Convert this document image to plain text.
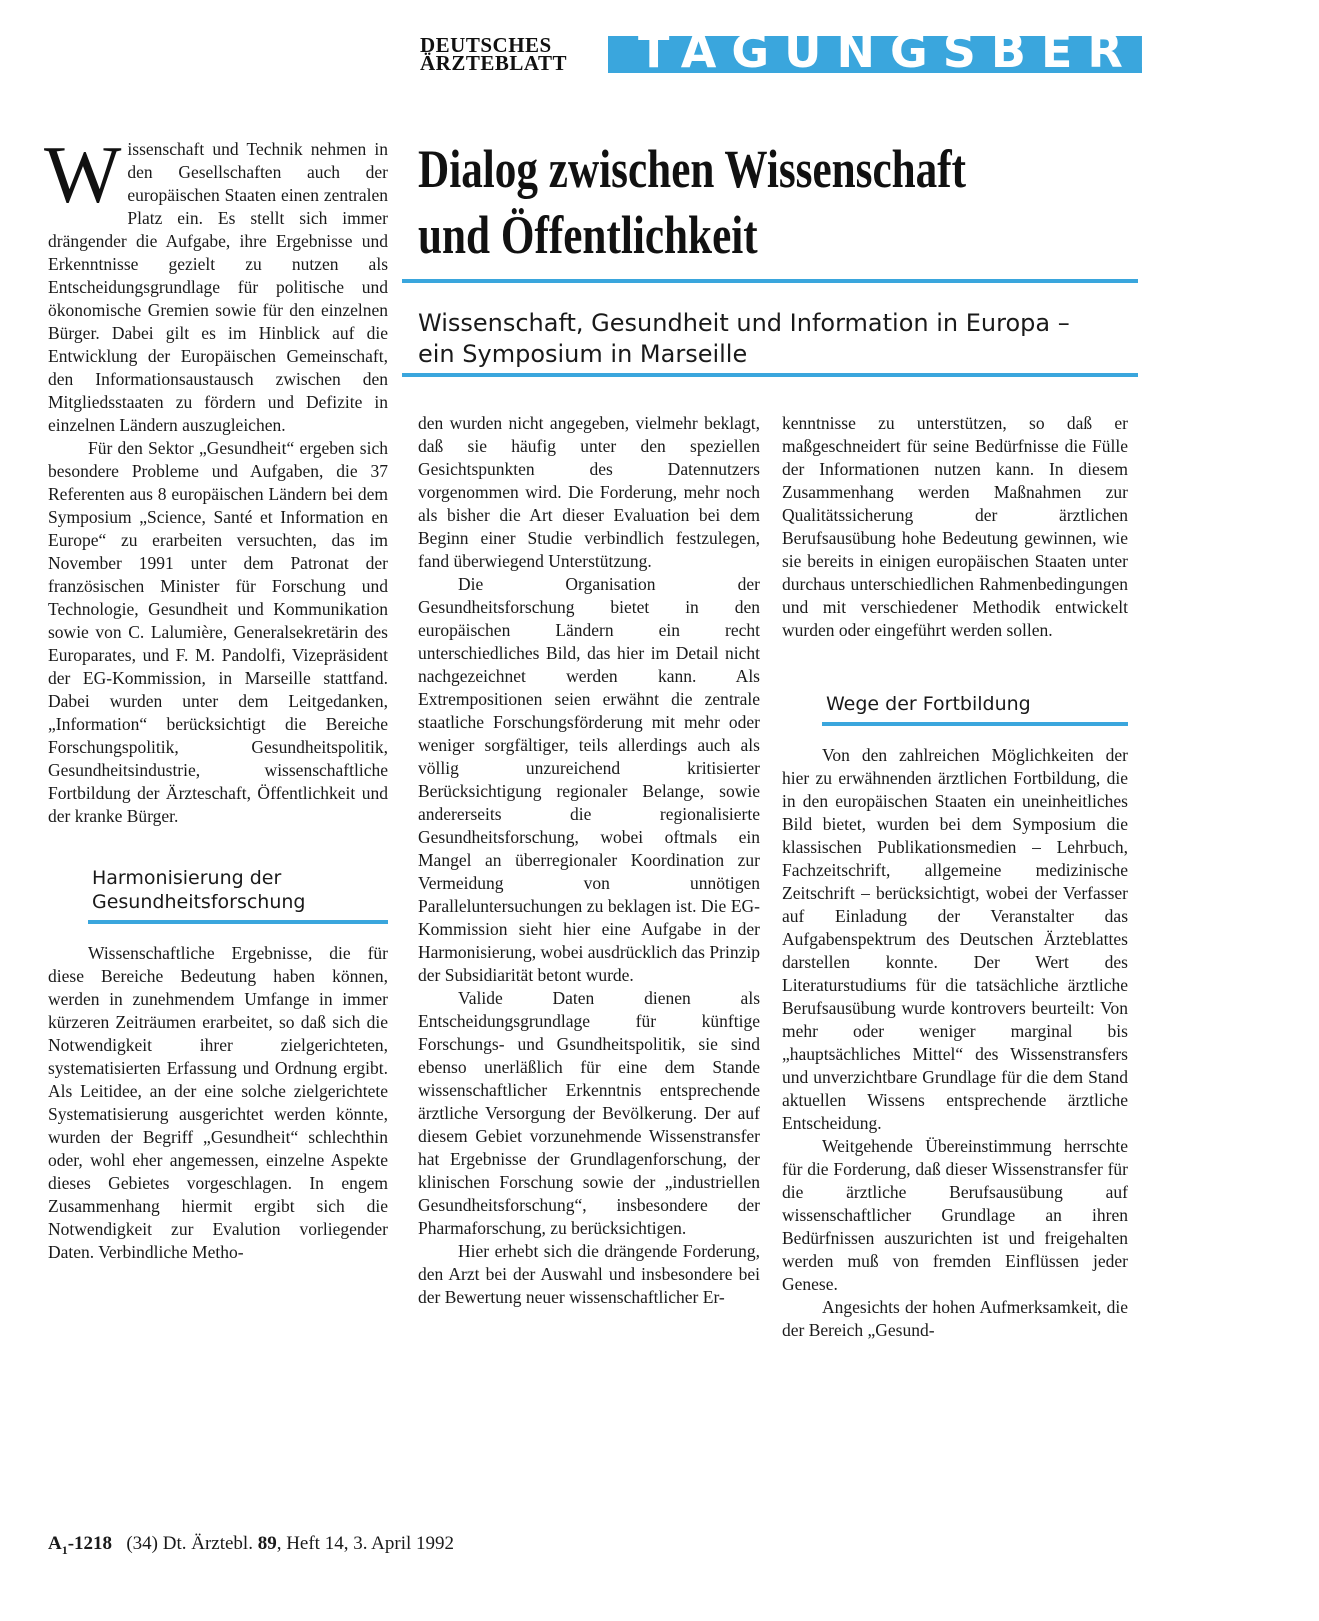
DEUTSCHES
ÄRZTEBLATT	TAGUNGSBERICHT
Dialog zwischen Wissenschaft
und Öffentlichkeit
Wissenschaft, Gesundheit und Information in Europa –
ein Symposium in Marseille

Wissenschaft und Technik nehmen in den Gesellschaften auch der europäischen Staaten einen zentralen Platz ein. Es stellt sich immer drängender die Aufgabe, ihre Ergebnisse und Erkenntnisse gezielt zu nutzen als Entscheidungsgrundlage für politische und ökonomische Gremien sowie für den einzelnen Bürger. Dabei gilt es im Hinblick auf die Entwicklung der Europäischen Gemeinschaft, den Informationsaustausch zwischen den Mitgliedsstaaten zu fördern und Defizite in einzelnen Ländern auszugleichen.

Für den Sektor „Gesundheit“ ergeben sich besondere Probleme und Aufgaben, die 37 Referenten aus 8 europäischen Ländern bei dem Symposium „Science, Santé et Information en Europe“ zu erarbeiten versuchten, das im November 1991 unter dem Patronat der französischen Minister für Forschung und Technologie, Gesundheit und Kommunikation sowie von C. Lalumière, Generalsekretärin des Europarates, und F. M. Pandolfi, Vizepräsident der EG-Kommission, in Marseille stattfand. Dabei wurden unter dem Leitgedanken, „Information“ berücksichtigt die Bereiche Forschungspolitik, Gesundheitspolitik, Gesundheitsindustrie, wissenschaftliche Fortbildung der Ärzteschaft, Öffentlichkeit und der kranke Bürger.

Harmonisierung der Gesundheitsforschung

Wissenschaftliche Ergebnisse, die für diese Bereiche Bedeutung haben können, werden in zunehmendem Umfange in immer kürzeren Zeiträumen erarbeitet, so daß sich die Notwendigkeit ihrer zielgerichteten, systematisierten Erfassung und Ordnung ergibt. Als Leitidee, an der eine solche zielgerichtete Systematisierung ausgerichtet werden könnte, wurden der Begriff „Gesundheit“ schlechthin oder, wohl eher angemessen, einzelne Aspekte dieses Gebietes vorgeschlagen. In engem Zusammenhang hiermit ergibt sich die Notwendigkeit zur Evalution vorliegender Daten. Verbindliche Metho-

den wurden nicht angegeben, vielmehr beklagt, daß sie häufig unter den speziellen Gesichtspunkten des Datennutzers vorgenommen wird. Die Forderung, mehr noch als bisher die Art dieser Evaluation bei dem Beginn einer Studie verbindlich festzulegen, fand überwiegend Unterstützung.

Die Organisation der Gesundheitsforschung bietet in den europäischen Ländern ein recht unterschiedliches Bild, das hier im Detail nicht nachgezeichnet werden kann. Als Extrempositionen seien erwähnt die zentrale staatliche Forschungsförderung mit mehr oder weniger sorgfältiger, teils allerdings auch als völlig unzureichend kritisierter Berücksichtigung regionaler Belange, sowie andererseits die regionalisierte Gesundheitsforschung, wobei oftmals ein Mangel an überregionaler Koordination zur Vermeidung von unnötigen Paralleluntersuchungen zu beklagen ist. Die EG-Kommission sieht hier eine Aufgabe in der Harmonisierung, wobei ausdrücklich das Prinzip der Subsidiarität betont wurde.

Valide Daten dienen als Entscheidungsgrundlage für künftige Forschungs- und Gsundheitspolitik, sie sind ebenso unerläßlich für eine dem Stande wissenschaftlicher Erkenntnis entsprechende ärztliche Versorgung der Bevölkerung. Der auf diesem Gebiet vorzunehmende Wissenstransfer hat Ergebnisse der Grundlagenforschung, der klinischen Forschung sowie der „industriellen Gesundheitsforschung“, insbesondere der Pharmaforschung, zu berücksichtigen.

Hier erhebt sich die drängende Forderung, den Arzt bei der Auswahl und insbesondere bei der Bewertung neuer wissenschaftlicher Er-

kenntnisse zu unterstützen, so daß er maßgeschneidert für seine Bedürfnisse die Fülle der Informationen nutzen kann. In diesem Zusammenhang werden Maßnahmen zur Qualitätssicherung der ärztlichen Berufsausübung hohe Bedeutung gewinnen, wie sie bereits in einigen europäischen Staaten unter durchaus unterschiedlichen Rahmenbedingungen und mit verschiedener Methodik entwickelt wurden oder eingeführt werden sollen.

Wege der Fortbildung

Von den zahlreichen Möglichkeiten der hier zu erwähnenden ärztlichen Fortbildung, die in den europäischen Staaten ein uneinheitliches Bild bietet, wurden bei dem Symposium die klassischen Publikationsmedien – Lehrbuch, Fachzeitschrift, allgemeine medizinische Zeitschrift – berücksichtigt, wobei der Verfasser auf Einladung der Veranstalter das Aufgabenspektrum des Deutschen Ärzteblattes darstellen konnte. Der Wert des Literaturstudiums für die tatsächliche ärztliche Berufsausübung wurde kontrovers beurteilt: Von mehr oder weniger marginal bis „hauptsächliches Mittel“ des Wissenstransfers und unverzichtbare Grundlage für die dem Stand aktuellen Wissens entsprechende ärztliche Entscheidung.

Weitgehende Übereinstimmung herrschte für die Forderung, daß dieser Wissenstransfer für die ärztliche Berufsausübung auf wissenschaftlicher Grundlage an ihren Bedürfnissen auszurichten ist und freigehalten werden muß von fremden Einflüssen jeder Genese.

Angesichts der hohen Aufmerksamkeit, die der Bereich „Gesund-

$A_1-1218$ (34) Dt. Ärztebl. 89, Heft 14, 3. April 1992
